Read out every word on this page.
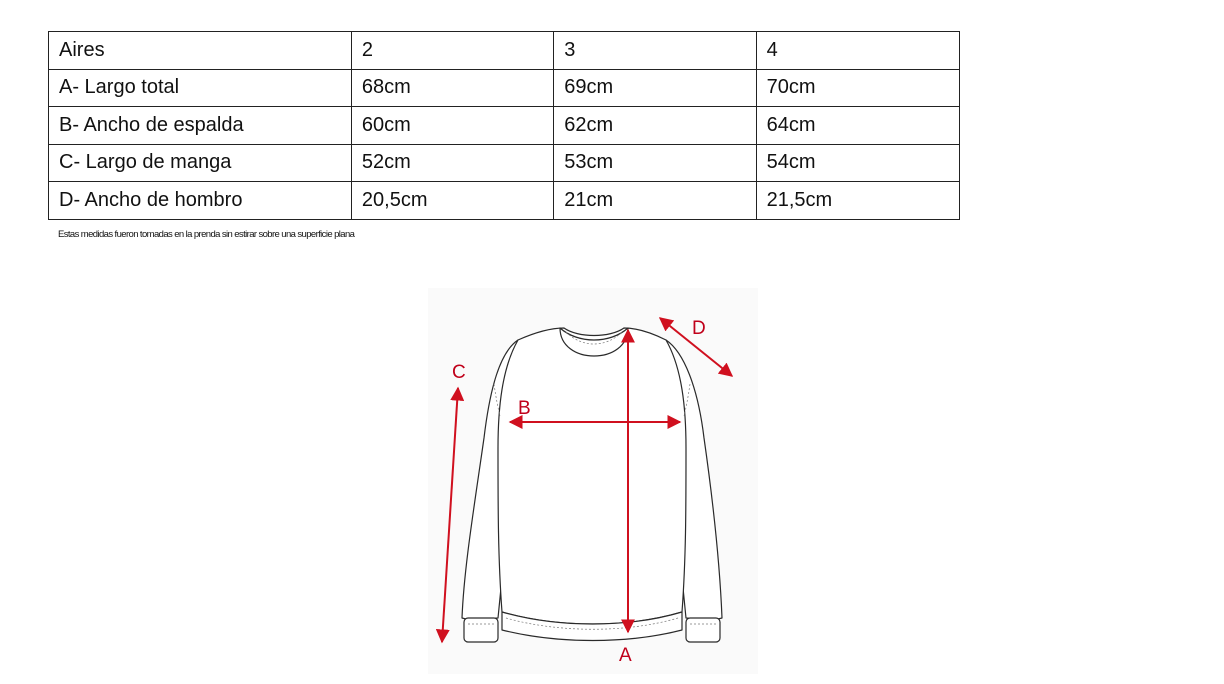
Aires	2	3	4
A- Largo total	68cm	69cm	70cm
B- Ancho de espalda	60cm	62cm	64cm
C- Largo de manga	52cm	53cm	54cm
D- Ancho de hombro	20,5cm	21cm	21,5cm
Estas medidas fueron tomadas en la prenda sin estirar sobre una superficie plana
A
B
C
D
